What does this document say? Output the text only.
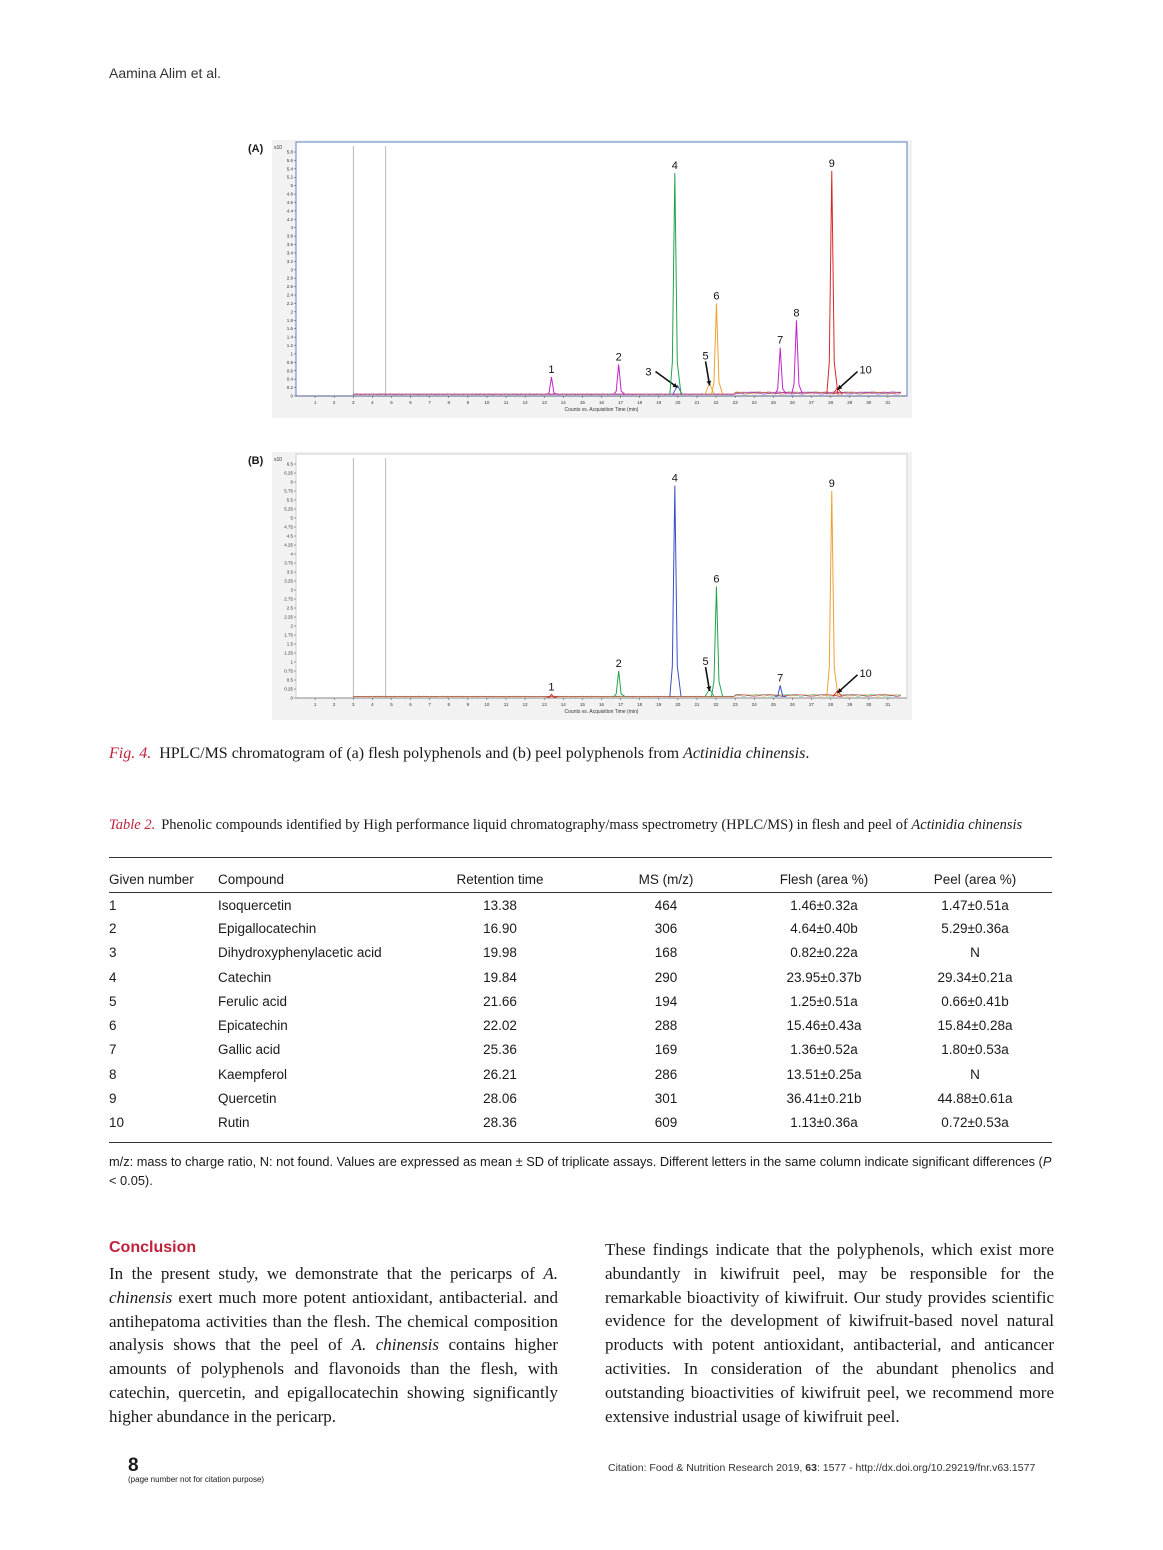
Aamina Alim et al.
(A) x10
0
0.2
0.4
0.6
0.8
1
1.2
1.4
1.6
1.8
2
2.2
2.4
2.6
2.8
3
3.2
3.4
3.6
3.8
4
4.2
4.4
4.6
4.8
5
5.2
5.4
5.6
5.8
1	2	3	4	5	6	7	8	9	10	11	12	13	14	15	16	17	18	19	20	21	22	23	24	25	26	27	28	29	30	31
Counts vs. Acquisition Time (min)
1
2
3
4
5
6
7
8
9
10
(B) x10
0
0.25
0.5
0.75
1
1.25
1.5
1.75
2
2.25
2.5
2.75
3
3.25
3.5
3.75
4
4.25
4.5
4.75
5
5.25
5.5
5.75
6
6.25
6.5
1	2	3	4	5	6	7	8	9	10	11	12	13	14	15	16	17	18	19	20	21	22	23	24	25	26	27	28	29	30	31
Counts vs. Acquisition Time (min)
1
2
4
5
6
7
9
10
Fig. 4. HPLC/MS chromatogram of (a) flesh polyphenols and (b) peel polyphenols from Actinidia chinensis.
Table 2. Phenolic compounds identified by High performance liquid chromatography/mass spectrometry (HPLC/MS) in flesh and peel of Actinidia chinensis
Given number	Compound	Retention time	MS (m/z)	Flesh (area %)	Peel (area %)
1	Isoquercetin	13.38	464	1.46±0.32a	1.47±0.51a
2	Epigallocatechin	16.90	306	4.64±0.40b	5.29±0.36a
3	Dihydroxyphenylacetic acid	19.98	168	0.82±0.22a	N
4	Catechin	19.84	290	23.95±0.37b	29.34±0.21a
5	Ferulic acid	21.66	194	1.25±0.51a	0.66±0.41b
6	Epicatechin	22.02	288	15.46±0.43a	15.84±0.28a
7	Gallic acid	25.36	169	1.36±0.52a	1.80±0.53a
8	Kaempferol	26.21	286	13.51±0.25a	N
9	Quercetin	28.06	301	36.41±0.21b	44.88±0.61a
10	Rutin	28.36	609	1.13±0.36a	0.72±0.53a
m/z: mass to charge ratio, N: not found. Values are expressed as mean ± SD of triplicate assays. Different letters in the same column indicate significant differences (P < 0.05).
Conclusion
In the present study, we demonstrate that the pericarps of A. chinensis exert much more potent antioxidant, antibacterial. and antihepatoma activities than the flesh. The chemical composition analysis shows that the peel of A. chinensis contains higher amounts of polyphenols and flavonoids than the flesh, with catechin, quercetin, and epigallocatechin showing significantly higher abundance in the pericarp.
These findings indicate that the polyphenols, which exist more abundantly in kiwifruit peel, may be responsible for the remarkable bioactivity of kiwifruit. Our study provides scientific evidence for the development of kiwifruit-based novel natural products with potent antioxidant, antibacterial, and anticancer activities. In consideration of the abundant phenolics and outstanding bioactivities of kiwifruit peel, we recommend more extensive industrial usage of kiwifruit peel.
8
(page number not for citation purpose)
Citation: Food & Nutrition Research 2019, 63: 1577 - http://dx.doi.org/10.29219/fnr.v63.1577
